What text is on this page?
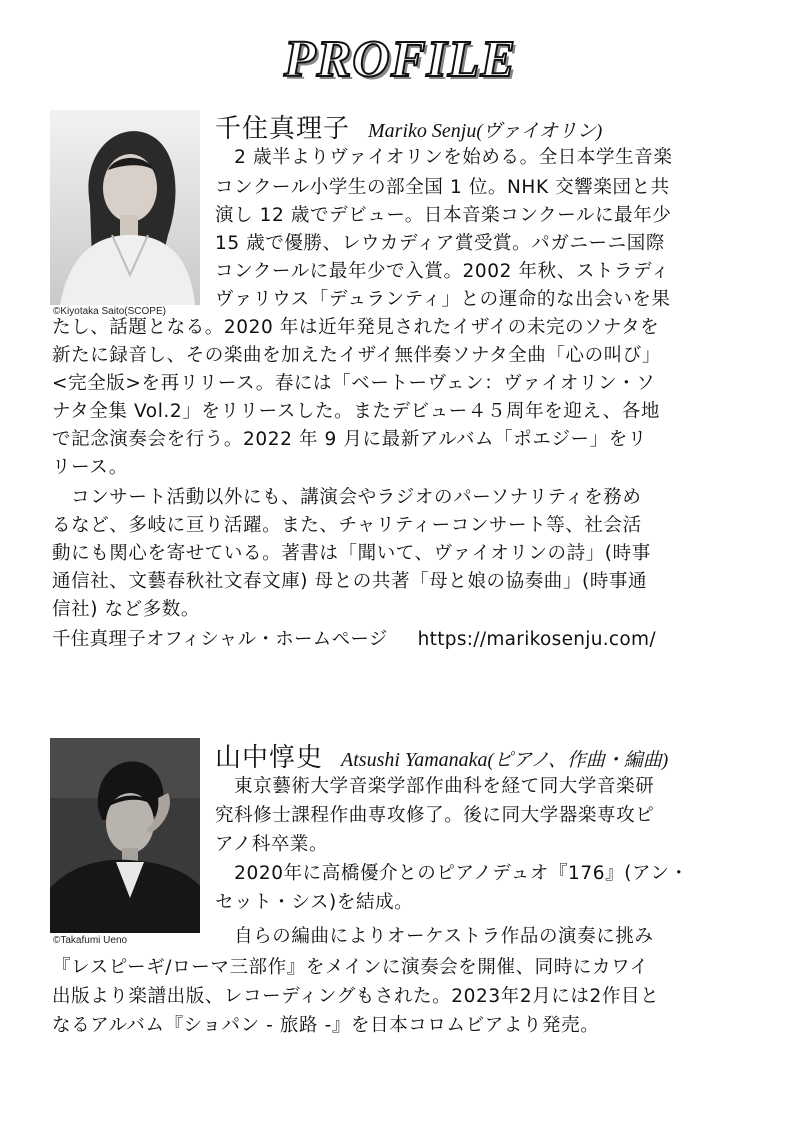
PROFILE
©Kiyotaka Saito(SCOPE)
千住真理子 Mariko Senju(ヴァイオリン)
　2 歳半よりヴァイオリンを始める。全日本学生音楽
コンクール小学生の部全国 1 位。NHK 交響楽団と共
演し 12 歳でデビュー。日本音楽コンクールに最年少
15 歳で優勝、レウカディア賞受賞。パガニーニ国際
コンクールに最年少で入賞。2002 年秋、ストラディ
ヴァリウス「デュランティ」との運命的な出会いを果
たし、話題となる。2020 年は近年発見されたイザイの未完のソナタを
新たに録音し、その楽曲を加えたイザイ無伴奏ソナタ全曲「心の叫び」
<完全版>を再リリース。春には「ベートーヴェン：ヴァイオリン・ソ
ナタ全集 Vol.2」をリリースした。またデビュー４５周年を迎え、各地
で記念演奏会を行う。2022 年 9 月に最新アルバム「ポエジー」をリ
リース。
　コンサート活動以外にも、講演会やラジオのパーソナリティを務め
るなど、多岐に亘り活躍。また、チャリティーコンサート等、社会活
動にも関心を寄せている。著書は「聞いて、ヴァイオリンの詩」(時事
通信社、文藝春秋社文春文庫) 母との共著「母と娘の協奏曲」(時事通
信社) など多数。
千住真理子オフィシャル・ホームページ https://marikosenju.com/
©Takafumi Ueno
山中惇史 Atsushi Yamanaka(ピアノ、作曲・編曲)
　東京藝術大学音楽学部作曲科を経て同大学音楽研
究科修士課程作曲専攻修了。後に同大学器楽専攻ピ
アノ科卒業。
　2020年に高橋優介とのピアノデュオ『176』(アン・
セット・シス)を結成。
　自らの編曲によりオーケストラ作品の演奏に挑み
『レスピーギ/ローマ三部作』をメインに演奏会を開催、同時にカワイ
出版より楽譜出版、レコーディングもされた。2023年2月には2作目と
なるアルバム『ショパン - 旅路 -』を日本コロムビアより発売。
